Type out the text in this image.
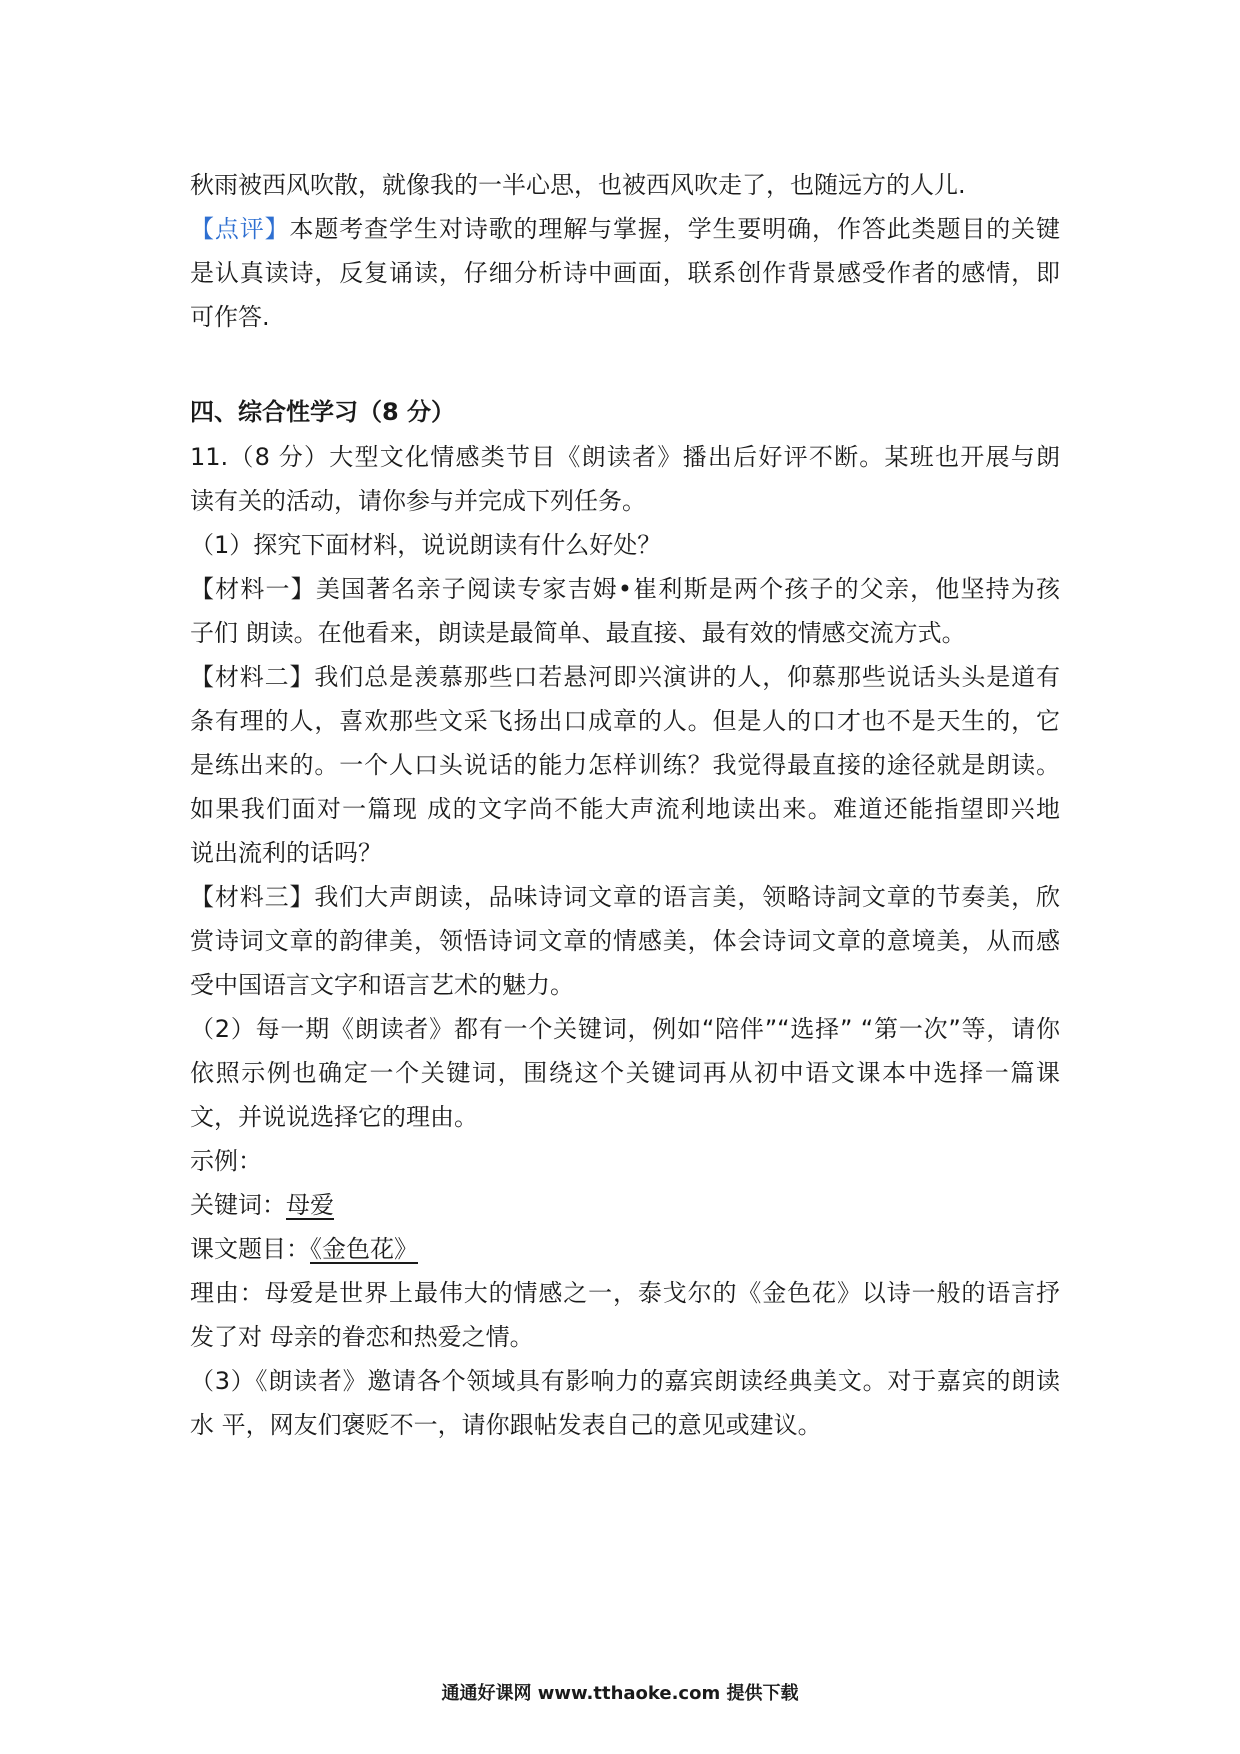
秋雨被西风吹散，就像我的一半心思，也被西风吹走了，也随远方的人儿.
【点评】本题考查学生对诗歌的理解与掌握，学生要明确，作答此类题目的关键
是认真读诗，反复诵读，仔细分析诗中画面，联系创作背景感受作者的感情，即
可作答.
四、综合性学习（8 分）
11.（8 分）大型文化情感类节目《朗读者》播出后好评不断。某班也开展与朗
读有关的活动，请你参与并完成下列任务。
（1）探究下面材料，说说朗读有什么好处？
【材料一】美国著名亲子阅读专家吉姆•崔利斯是两个孩子的父亲，他坚持为孩
子们 朗读。在他看来，朗读是最简单、最直接、最有效的情感交流方式。
【材料二】我们总是羡慕那些口若悬河即兴演讲的人，仰慕那些说话头头是道有
条有理的人，喜欢那些文采飞扬出口成章的人。但是人的口才也不是天生的，它
是练出来的。一个人口头说话的能力怎样训练？我觉得最直接的途径就是朗读。
如果我们面对一篇现 成的文字尚不能大声流利地读出来。难道还能指望即兴地
说出流利的话吗？
【材料三】我们大声朗读，品味诗词文章的语言美，领略诗詞文章的节奏美，欣
赏诗词文章的韵律美，领悟诗词文章的情感美，体会诗词文章的意境美，从而感
受中国语言文字和语言艺术的魅力。
（2）每一期《朗读者》都有一个关键词，例如“陪伴”“选择” “第一次”等，请你
依照示例也确定一个关键词，围绕这个关键词再从初中语文课本中选择一篇课
文，并说说选择它的理由。
示例：
关键词：母爱
课文题目：《金色花》
理由：母爱是世界上最伟大的情感之一，泰戈尔的《金色花》以诗一般的语言抒
发了对 母亲的眷恋和热爱之情。
（3）《朗读者》邀请各个领域具有影响力的嘉宾朗读经典美文。对于嘉宾的朗读
水 平，网友们褒贬不一，请你跟帖发表自己的意见或建议。
通通好课网 www.tthaoke.com 提供下载
